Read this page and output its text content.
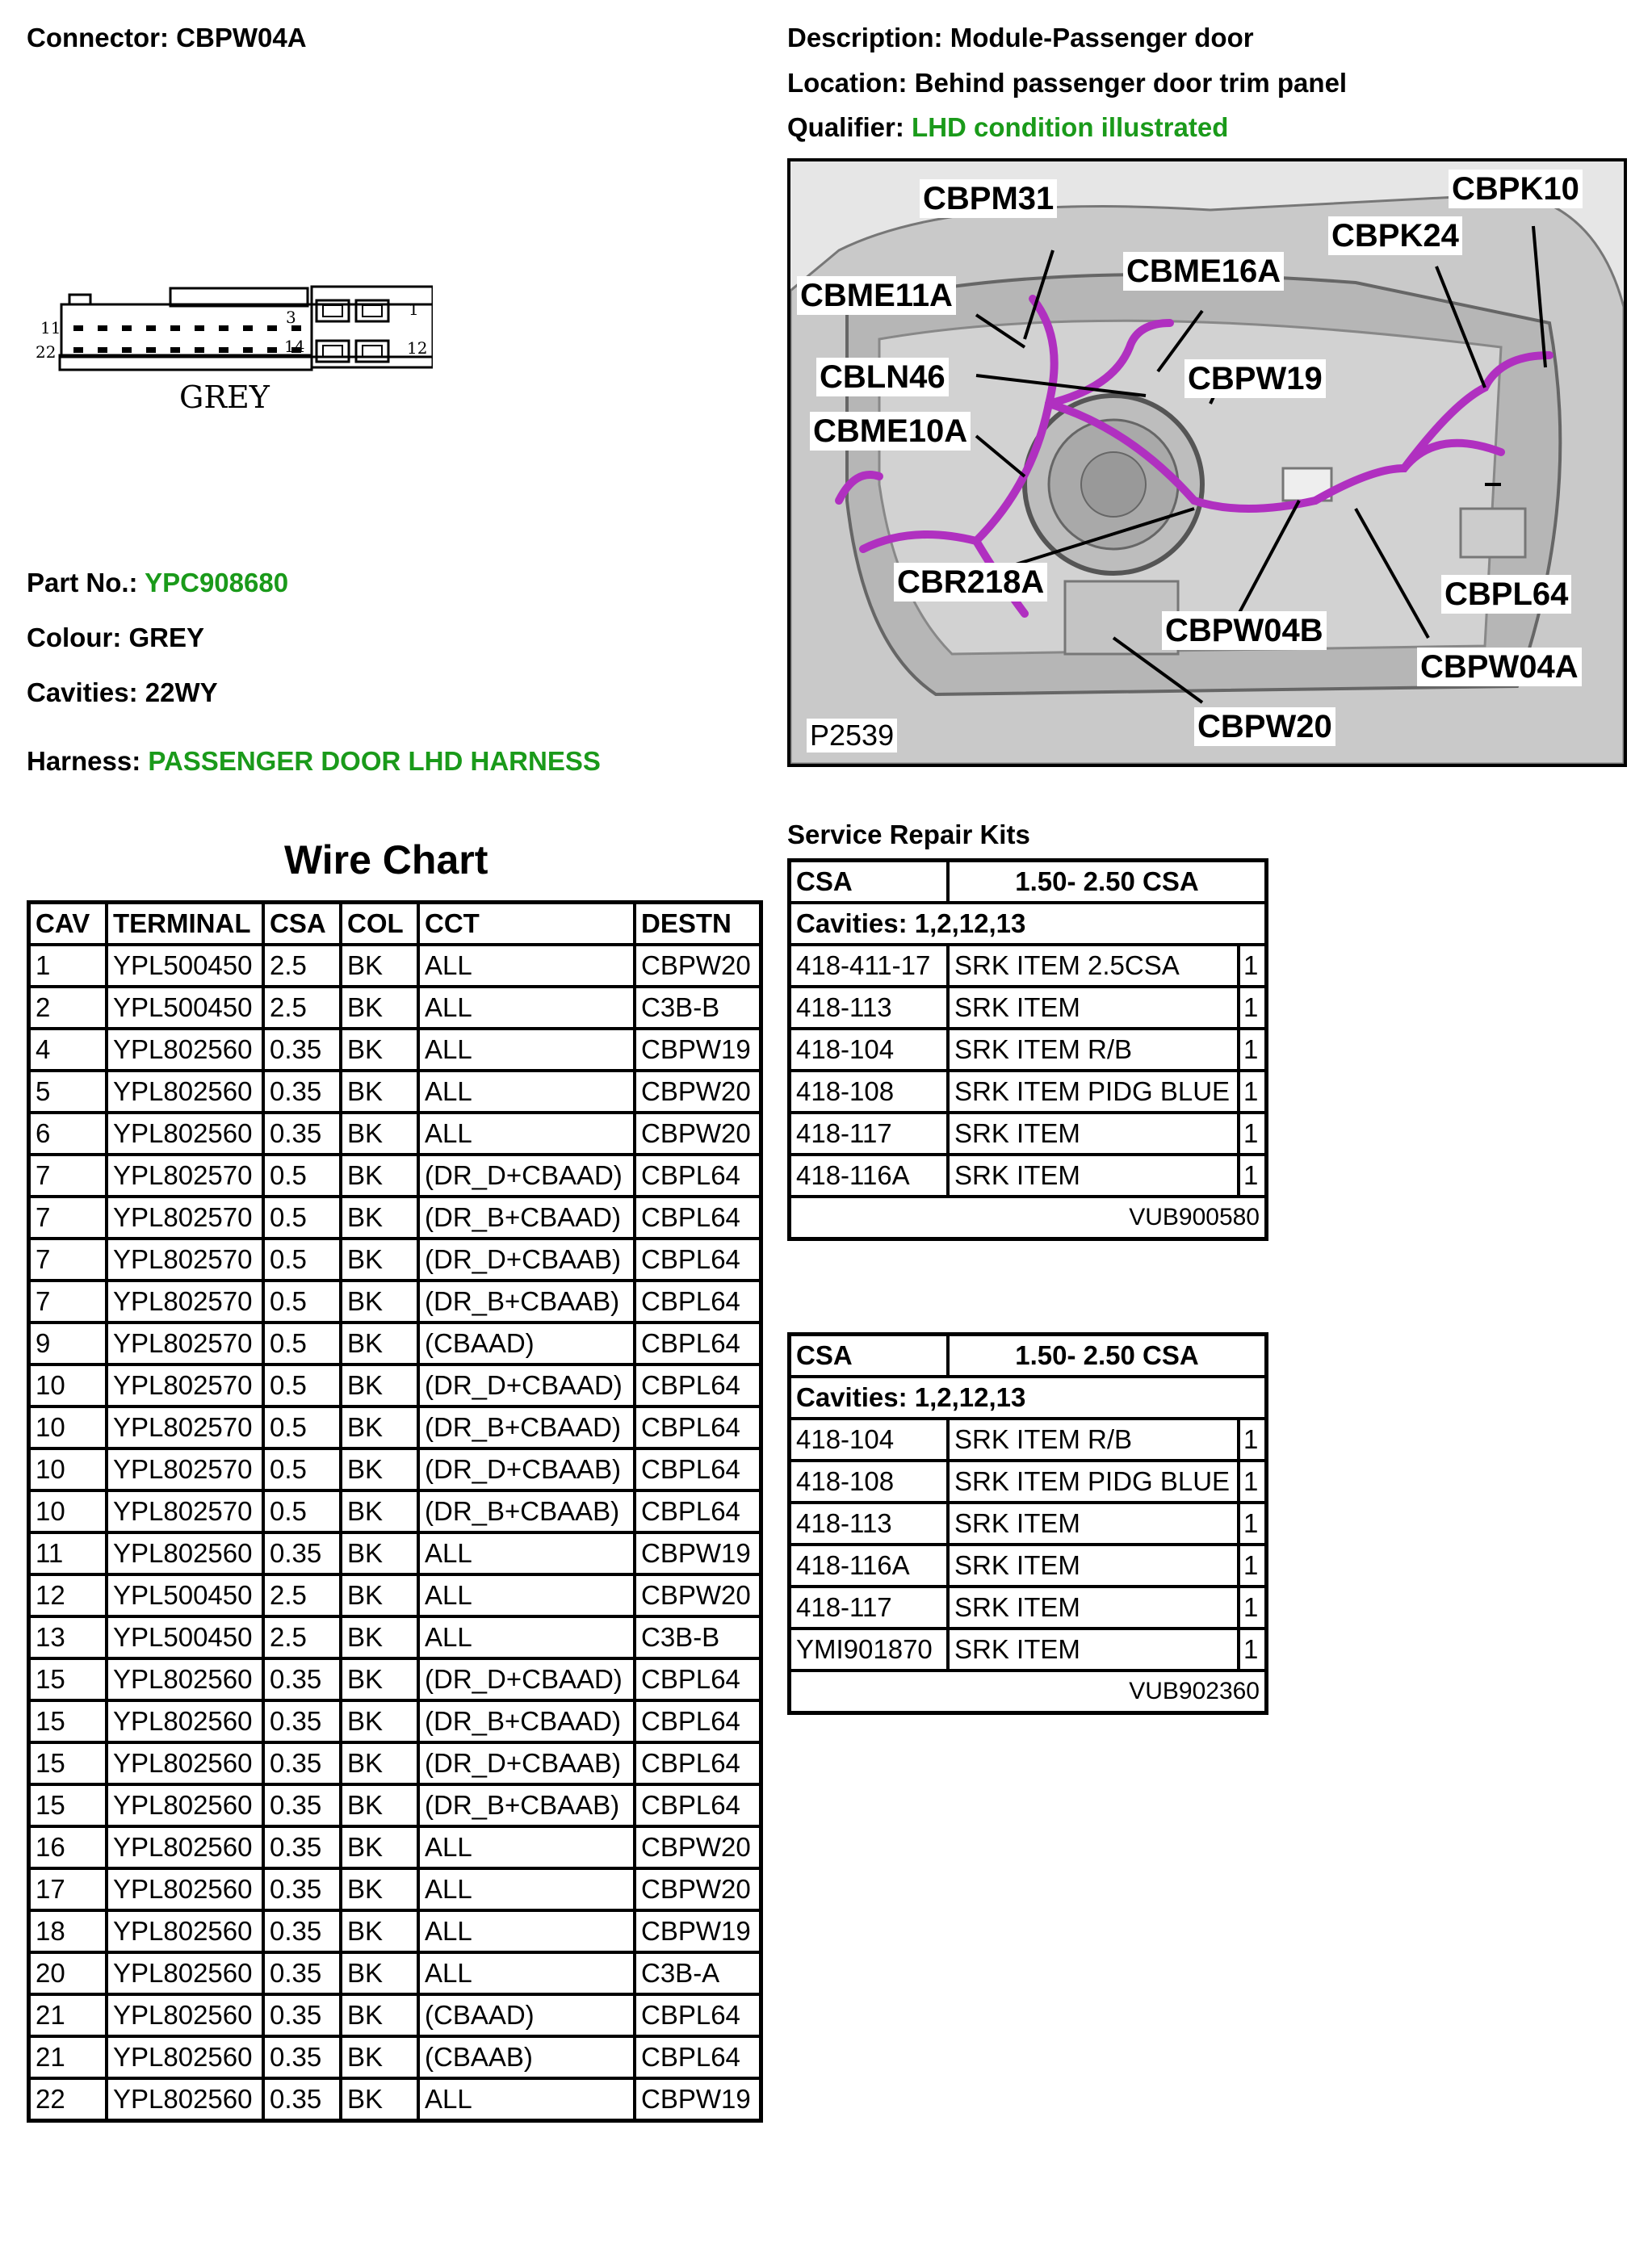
Connector: CBPW04A
1
3
11
22	14	12
GREY
Part No.: YPC908680
Colour: GREY
Cavities: 22WY
Harness: PASSENGER DOOR LHD HARNESS
Description: Module-Passenger door
Location: Behind passenger door trim panel
Qualifier: LHD condition illustrated
CBPM31	CBPK10
CBPK24
CBME16A
CBME11A
CBLN46	CBPW19
CBME10A
CBPL64
CBR218A
CBPW04B
CBPW04A
CBPW20
P2539
Wire Chart
CAV	TERMINAL	CSA	COL	CCT	DESTN
1	YPL500450	2.5	BK	ALL	CBPW20
2	YPL500450	2.5	BK	ALL	C3B-B
4	YPL802560	0.35	BK	ALL	CBPW19
5	YPL802560	0.35	BK	ALL	CBPW20
6	YPL802560	0.35	BK	ALL	CBPW20
7	YPL802570	0.5	BK	(DR_D+CBAAD)	CBPL64
7	YPL802570	0.5	BK	(DR_B+CBAAD)	CBPL64
7	YPL802570	0.5	BK	(DR_D+CBAAB)	CBPL64
7	YPL802570	0.5	BK	(DR_B+CBAAB)	CBPL64
9	YPL802570	0.5	BK	(CBAAD)	CBPL64
10	YPL802570	0.5	BK	(DR_D+CBAAD)	CBPL64
10	YPL802570	0.5	BK	(DR_B+CBAAD)	CBPL64
10	YPL802570	0.5	BK	(DR_D+CBAAB)	CBPL64
10	YPL802570	0.5	BK	(DR_B+CBAAB)	CBPL64
11	YPL802560	0.35	BK	ALL	CBPW19
12	YPL500450	2.5	BK	ALL	CBPW20
13	YPL500450	2.5	BK	ALL	C3B-B
15	YPL802560	0.35	BK	(DR_D+CBAAD)	CBPL64
15	YPL802560	0.35	BK	(DR_B+CBAAD)	CBPL64
15	YPL802560	0.35	BK	(DR_D+CBAAB)	CBPL64
15	YPL802560	0.35	BK	(DR_B+CBAAB)	CBPL64
16	YPL802560	0.35	BK	ALL	CBPW20
17	YPL802560	0.35	BK	ALL	CBPW20
18	YPL802560	0.35	BK	ALL	CBPW19
20	YPL802560	0.35	BK	ALL	C3B-A
21	YPL802560	0.35	BK	(CBAAD)	CBPL64
21	YPL802560	0.35	BK	(CBAAB)	CBPL64
22	YPL802560	0.35	BK	ALL	CBPW19
Service Repair Kits
CSA	1.50- 2.50 CSA	
Cavities: 1,2,12,13		
418-411-17	SRK ITEM 2.5CSA	1
418-113	SRK ITEM	1
418-104	SRK ITEM R/B	1
418-108	SRK ITEM PIDG BLUE	1
418-117	SRK ITEM	1
418-116A	SRK ITEM	1
VUB900580		
CSA	1.50- 2.50 CSA	
Cavities: 1,2,12,13		
418-104	SRK ITEM R/B	1
418-108	SRK ITEM PIDG BLUE	1
418-113	SRK ITEM	1
418-116A	SRK ITEM	1
418-117	SRK ITEM	1
YMI901870	SRK ITEM	1
VUB902360		
